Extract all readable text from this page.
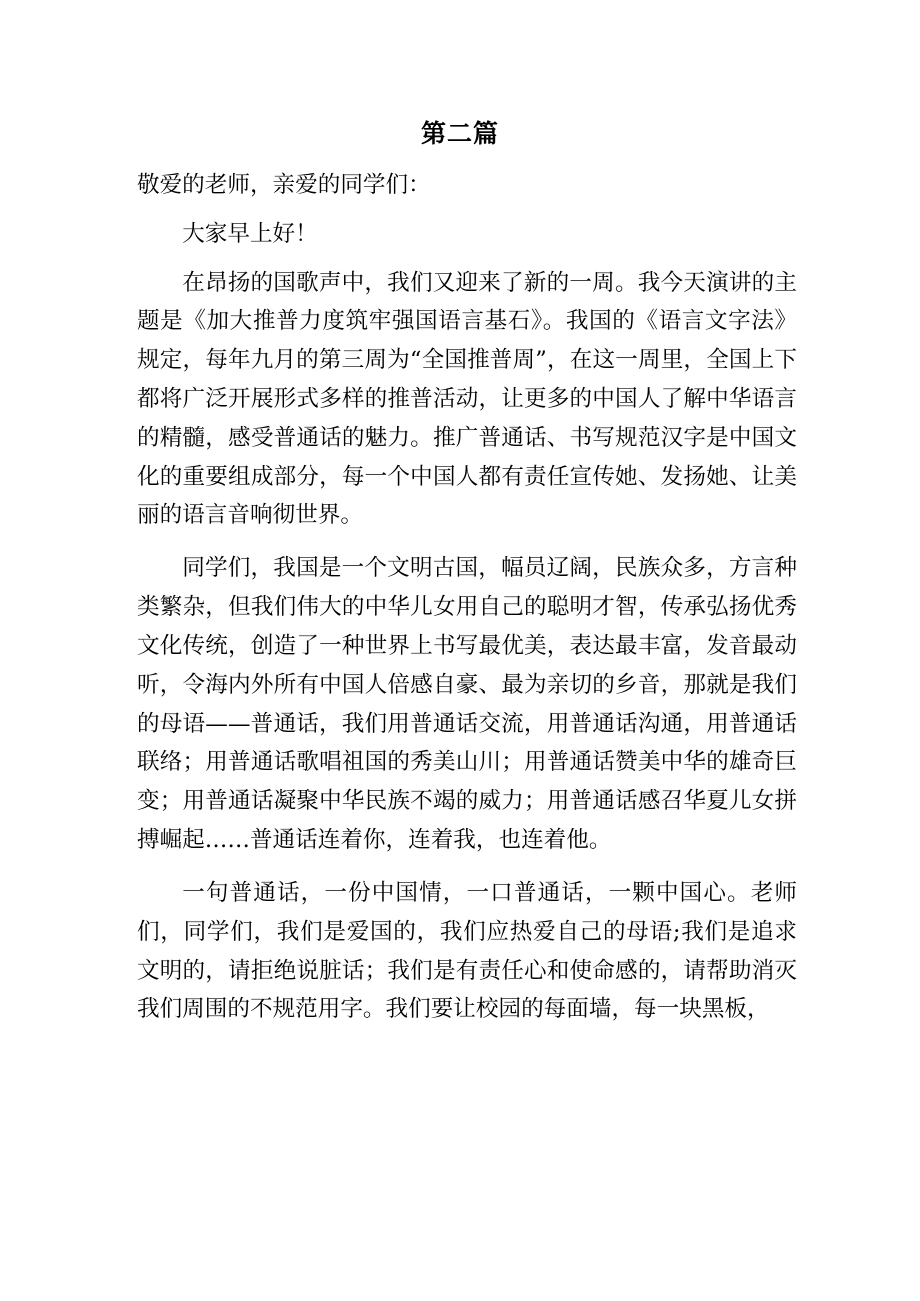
第二篇

敬爱的老师，亲爱的同学们：

大家早上好！

在昂扬的国歌声中，我们又迎来了新的一周。我今天演讲的主题是《加大推普力度筑牢强国语言基石》。我国的《语言文字法》规定，每年九月的第三周为“全国推普周”，在这一周里，全国上下都将广泛开展形式多样的推普活动，让更多的中国人了解中华语言的精髓，感受普通话的魅力。推广普通话、书写规范汉字是中国文化的重要组成部分，每一个中国人都有责任宣传她、发扬她、让美丽的语言音响彻世界。

同学们，我国是一个文明古国，幅员辽阔，民族众多，方言种类繁杂，但我们伟大的中华儿女用自己的聪明才智，传承弘扬优秀文化传统，创造了一种世界上书写最优美，表达最丰富，发音最动听，令海内外所有中国人倍感自豪、最为亲切的乡音，那就是我们的母语——普通话，我们用普通话交流，用普通话沟通，用普通话联络；用普通话歌唱祖国的秀美山川；用普通话赞美中华的雄奇巨变；用普通话凝聚中华民族不竭的威力；用普通话感召华夏儿女拼搏崛起……普通话连着你，连着我，也连着他。

一句普通话，一份中国情，一口普通话，一颗中国心。老师们，同学们，我们是爱国的，我们应热爱自己的母语;我们是追求文明的，请拒绝说脏话；我们是有责任心和使命感的，请帮助消灭我们周围的不规范用字。我们要让校园的每面墙，每一块黑板，
